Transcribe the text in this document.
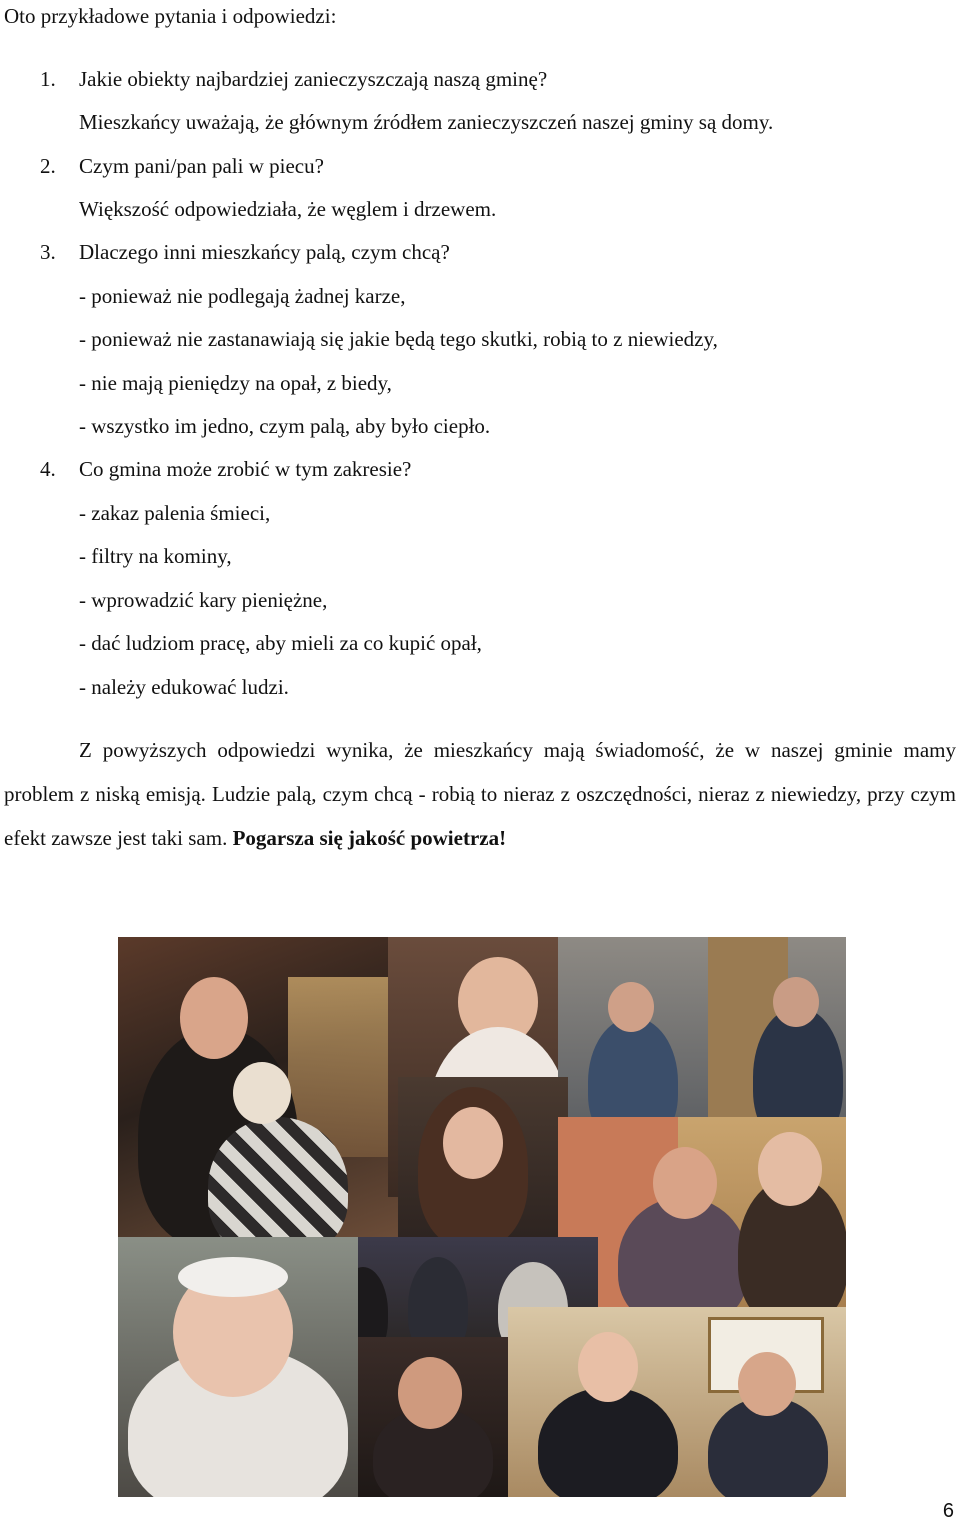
Oto przykładowe pytania i odpowiedzi:
1.	Jakie obiekty najbardziej zanieczyszczają naszą gminę?
Mieszkańcy uważają, że głównym źródłem zanieczyszczeń naszej gminy są domy.
2.	Czym pani/pan pali w piecu?
Większość odpowiedziała, że węglem i drzewem.
3.	Dlaczego inni mieszkańcy palą, czym chcą?
- ponieważ nie podlegają żadnej karze,
- ponieważ nie zastanawiają się jakie będą tego skutki, robią to z niewiedzy,
- nie mają pieniędzy na opał, z biedy,
- wszystko im jedno, czym palą, aby było ciepło.
4.	Co gmina może zrobić w tym zakresie?
- zakaz palenia śmieci,
- filtry na kominy,
- wprowadzić kary pieniężne,
- dać ludziom pracę, aby mieli za co kupić opał,
- należy edukować ludzi.
Z powyższych odpowiedzi wynika, że mieszkańcy mają świadomość, że w naszej gminie mamy problem z niską emisją. Ludzie palą, czym chcą - robią to nieraz z oszczędności, nieraz z niewiedzy, przy czym efekt zawsze jest taki sam. Pogarsza się jakość powietrza!
6
